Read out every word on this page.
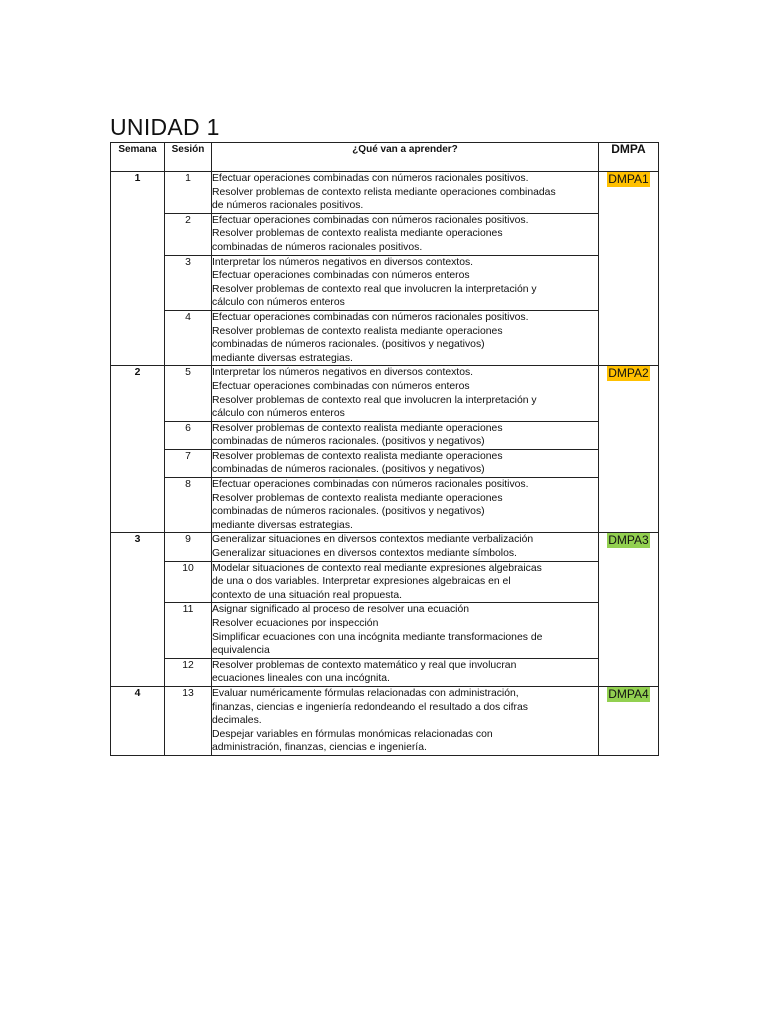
UNIDAD 1
Semana	Sesión	¿Qué van a aprender?	DMPA
1	1	Efectuar operaciones combinadas con números racionales positivos.
Resolver problemas de contexto relista mediante operaciones combinadas
de números racionales positivos.	DMPA1
	2	Efectuar operaciones combinadas con números racionales positivos.
Resolver problemas de contexto realista mediante operaciones
combinadas de números racionales positivos.	

	3	Interpretar los números negativos en diversos contextos.
Efectuar operaciones combinadas con números enteros
Resolver problemas de contexto real que involucren la interpretación y
cálculo con números enteros	

	4	Efectuar operaciones combinadas con números racionales positivos.
Resolver problemas de contexto realista mediante operaciones
combinadas de números racionales. (positivos y negativos)
mediante diversas estrategias.	

2	5	Interpretar los números negativos en diversos contextos.
Efectuar operaciones combinadas con números enteros
Resolver problemas de contexto real que involucren la interpretación y
cálculo con números enteros	DMPA2
	6	Resolver problemas de contexto realista mediante operaciones
combinadas de números racionales. (positivos y negativos)	

	7	Resolver problemas de contexto realista mediante operaciones
combinadas de números racionales. (positivos y negativos)	

	8	Efectuar operaciones combinadas con números racionales positivos.
Resolver problemas de contexto realista mediante operaciones
combinadas de números racionales. (positivos y negativos)
mediante diversas estrategias.	

3	9	Generalizar situaciones en diversos contextos mediante verbalización
Generalizar situaciones en diversos contextos mediante símbolos.	DMPA3
	10	Modelar situaciones de contexto real mediante expresiones algebraicas
de una o dos variables. Interpretar expresiones algebraicas en el
contexto de una situación real propuesta.	

	11	Asignar significado al proceso de resolver una ecuación
Resolver ecuaciones por inspección
Simplificar ecuaciones con una incógnita mediante transformaciones de
equivalencia	

	12	Resolver problemas de contexto matemático y real que involucran
ecuaciones lineales con una incógnita.	

4	13	Evaluar numéricamente fórmulas relacionadas con administración,
finanzas, ciencias e ingeniería redondeando el resultado a dos cifras
decimales.
Despejar variables en fórmulas monómicas relacionadas con
administración, finanzas, ciencias e ingeniería.	DMPA4
